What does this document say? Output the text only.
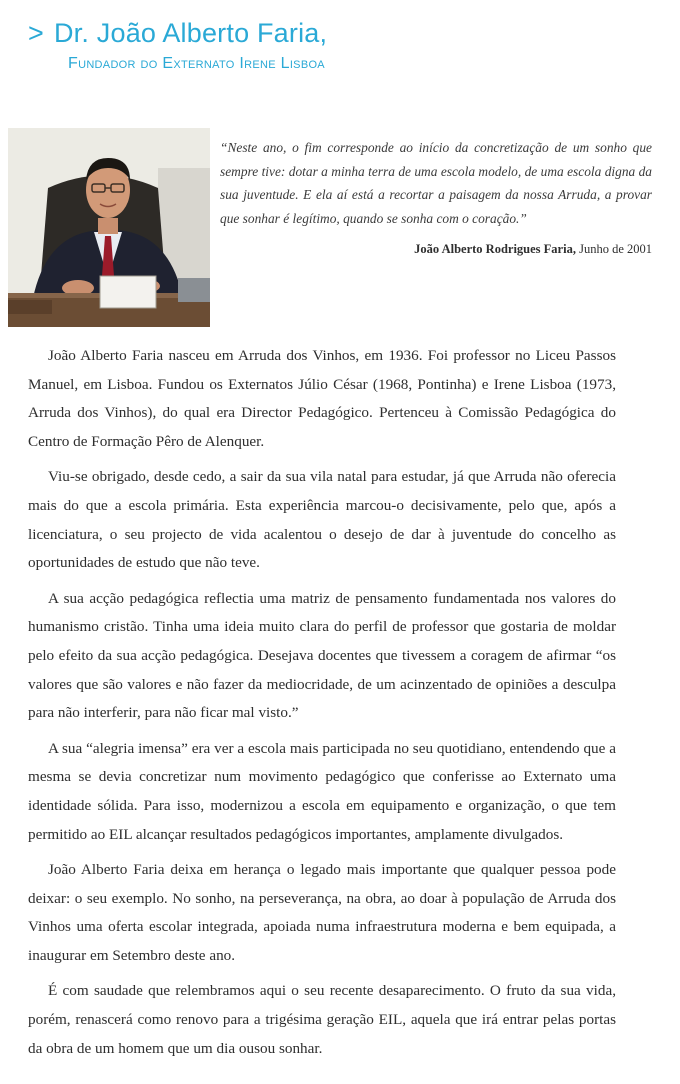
> Dr. João Alberto Faria,
Fundador do Externato Irene Lisboa

“Neste ano, o fim corresponde ao início da concretização de um sonho que sempre tive: dotar a minha terra de uma escola modelo, de uma escola digna da sua juventude. E ela aí está a recortar a paisagem da nossa Arruda, a provar que sonhar é legítimo, quando se sonha com o coração.”

João Alberto Rodrigues Faria, Junho de 2001

João Alberto Faria nasceu em Arruda dos Vinhos, em 1936. Foi professor no Liceu Passos Manuel, em Lisboa. Fundou os Externatos Júlio César (1968, Pontinha) e Irene Lisboa (1973, Arruda dos Vinhos), do qual era Director Pedagógico. Pertenceu à Comissão Pedagógica do Centro de Formação Pêro de Alenquer.

Viu-se obrigado, desde cedo, a sair da sua vila natal para estudar, já que Arruda não oferecia mais do que a escola primária. Esta experiência marcou-o decisivamente, pelo que, após a licenciatura, o seu projecto de vida acalentou o desejo de dar à juventude do concelho as oportunidades de estudo que não teve.

A sua acção pedagógica reflectia uma matriz de pensamento fundamentada nos valores do humanismo cristão. Tinha uma ideia muito clara do perfil de professor que gostaria de moldar pelo efeito da sua acção pedagógica. Desejava docentes que tivessem a coragem de afirmar “os valores que são valores e não fazer da mediocridade, de um acinzentado de opiniões a desculpa para não interferir, para não ficar mal visto.”

A sua “alegria imensa” era ver a escola mais participada no seu quotidiano, entendendo que a mesma se devia concretizar num movimento pedagógico que conferisse ao Externato uma identidade sólida. Para isso, modernizou a escola em equipamento e organização, o que tem permitido ao EIL alcançar resultados pedagógicos importantes, amplamente divulgados.

João Alberto Faria deixa em herança o legado mais importante que qualquer pessoa pode deixar: o seu exemplo. No sonho, na perseverança, na obra, ao doar à população de Arruda dos Vinhos uma oferta escolar integrada, apoiada numa infraestrutura moderna e bem equipada, a inaugurar em Setembro deste ano.

É com saudade que relembramos aqui o seu recente desaparecimento. O fruto da sua vida, porém, renascerá como renovo para a trigésima geração EIL, aquela que irá entrar pelas portas da obra de um homem que um dia ousou sonhar.
